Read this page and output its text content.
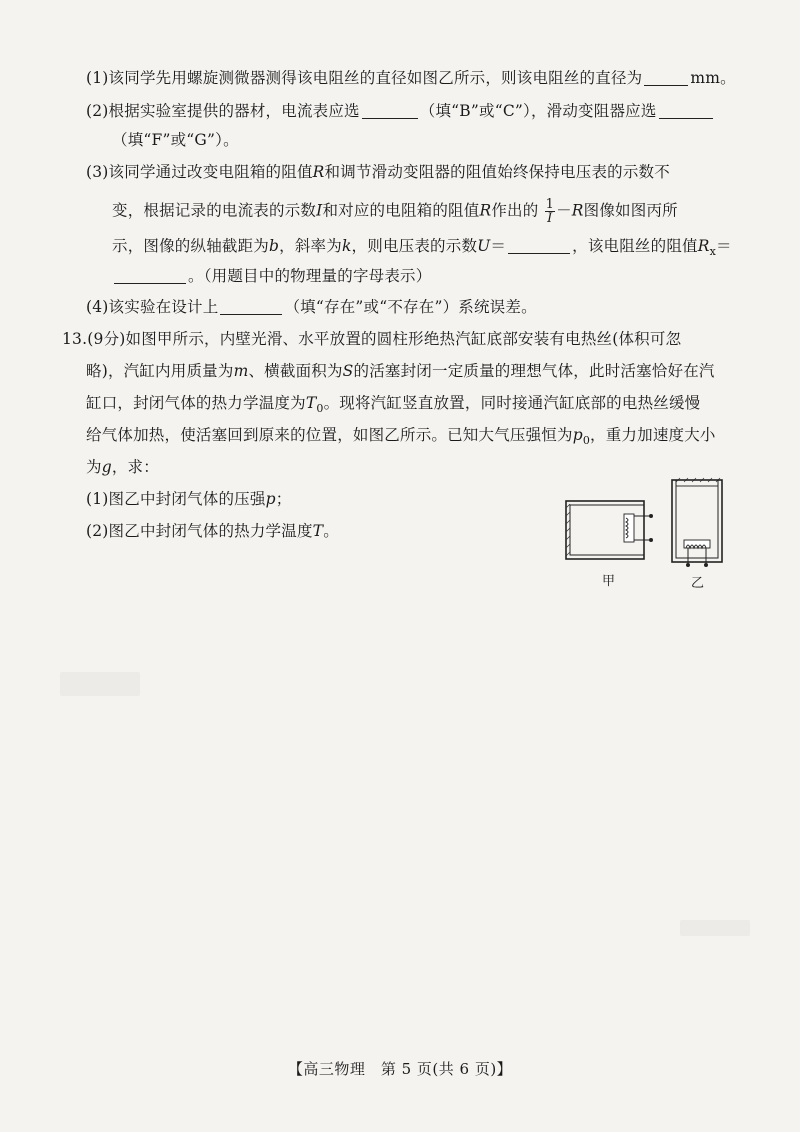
(1)该同学先用螺旋测微器测得该电阻丝的直径如图乙所示，则该电阻丝的直径为	mm。
(2)根据实验室提供的器材，电流表应选	（填“B”或“C”），滑动变阻器应选
（填“F”或“G”）。
(3)该同学通过改变电阻箱的阻值R和调节滑动变阻器的阻值始终保持电压表的示数不
变，根据记录的电流表的示数I和对应的电阻箱的阻值R作出的 $\frac{1}{I} -R$图像如图丙所
示，图像的纵轴截距为b，斜率为k，则电压表的示数U＝	，该电阻丝的阻值$R_x=$
。（用题目中的物理量的字母表示）
(4)该实验在设计上	（填“存在”或“不存在”）系统误差。
13.(9分)如图甲所示，内壁光滑、水平放置的圆柱形绝热汽缸底部安装有电热丝(体积可忽
略)，汽缸内用质量为m、横截面积为S的活塞封闭一定质量的理想气体，此时活塞恰好在汽
缸口，封闭气体的热力学温度为$T_0$。现将汽缸竖直放置，同时接通汽缸底部的电热丝缓慢
给气体加热，使活塞回到原来的位置，如图乙所示。已知大气压强恒为$p_0$，重力加速度大小
为g，求：
(1)图乙中封闭气体的压强p；
(2)图乙中封闭气体的热力学温度T。
甲	乙
【高三物理　第 5 页(共 6 页)】
